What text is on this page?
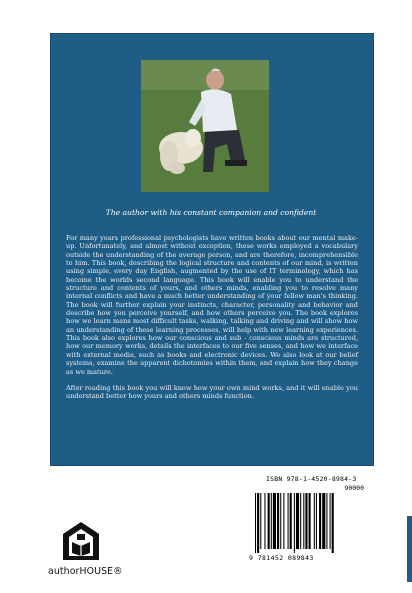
The author with his constant companion and confident

For many years professional psychologists have written books about our mental make-up. Unfortunately, and almost without exception, these works employed a vocabulary outside the understanding of the average person, and are therefore, incomprehensible to him. This book, describing the logical structure and contents of our mind, is written using simple, every day English, augmented by the use of IT terminology, which has become the worlds second language. This book will enable you to understand the structure and contents of yours, and others minds, enabling you to resolve many internal conflicts and have a much better understanding of your fellow man's thinking. The book will further explain your instincts, character, personality and behavior and describe how you perceive yourself, and how others perceive you. The book explores how we learn mans most difficult tasks, walking, talking and driving and will show how an understanding of these learning processes, will help with new learning experiences. This book also explores how our conscious and sub - conscious minds are structured, how our memory works, details the interfaces to our five senses, and how we interface with external media, such as books and electronic devices. We also look at our belief systems, examine the apparent dichotomies within them, and explain how they change as we mature.

After reading this book you will know how your own mind works, and it will enable you understand better how yours and others minds function.

ISBN 978-1-4520-8984-3
90000
9 781452 089843
authorHOUSE®
